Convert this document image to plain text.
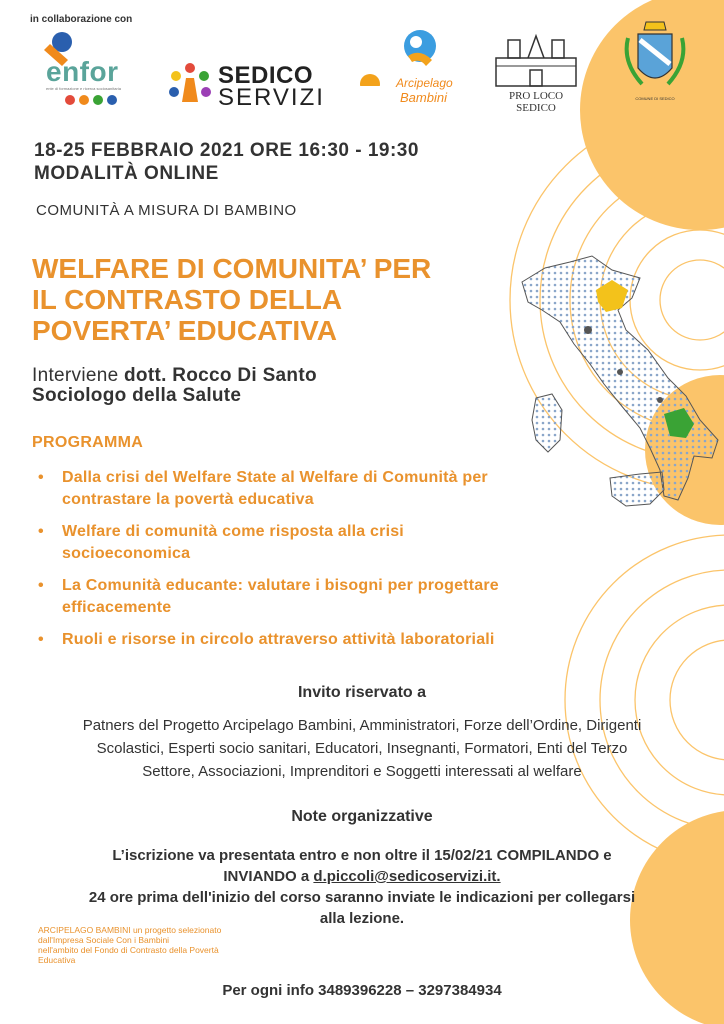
in collaborazione con
enfor
ente di formazione e ricerca sociosanitaria	SEDICO
SERVIZI
Arcipelago
Bambini	PRO LOCO SEDICO
COMUNE DI SEDICO
18-25 FEBBRAIO 2021 ORE 16:30 - 19:30
MODALITÀ ONLINE
COMUNITÀ A MISURA DI BAMBINO
WELFARE DI COMUNITA’ PER
IL CONTRASTO DELLA
POVERTA’ EDUCATIVA
Interviene dott. Rocco Di Santo
Sociologo della Salute
PROGRAMMA
• Dalla crisi del Welfare State al Welfare di Comunità per
contrastare la povertà educativa
• Welfare di comunità come risposta alla crisi
socioeconomica
• La Comunità educante: valutare i bisogni per progettare
efficacemente
• Ruoli e risorse in circolo attraverso attività laboratoriali
Invito riservato a
Patners del Progetto Arcipelago Bambini, Amministratori, Forze dell’Ordine, Dirigenti
Scolastici, Esperti socio sanitari, Educatori, Insegnanti, Formatori, Enti del Terzo
Settore, Associazioni, Imprenditori e Soggetti interessati al welfare
Note organizzative
L’iscrizione va presentata entro e non oltre il 15/02/21 COMPILANDO e
INVIANDO a d.piccoli@sedicoservizi.it.
24 ore prima dell'inizio del corso saranno inviate le indicazioni per collegarsi
alla lezione.
ARCIPELAGO BAMBINI un progetto selezionato
dall'Impresa Sociale Con i Bambini
nell'ambito del Fondo di Contrasto della Povertà
Educativa
Per ogni info 3489396228 – 3297384934
